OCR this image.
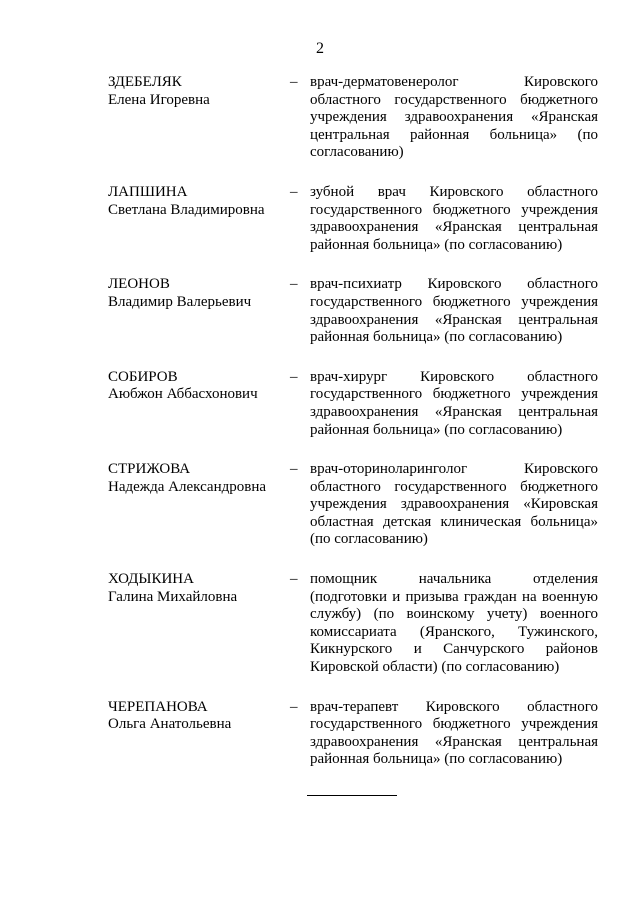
2
ЗДЕБЕЛЯК
Елена Игоревна
– врач-дерматовенеролог Кировского областного государственного бюджетного учреждения здравоохранения «Яранская центральная районная больница» (по согласованию)
ЛАПШИНА
Светлана Владимировна
– зубной врач Кировского областного государственного бюджетного учреждения здравоохранения «Яранская центральная районная больница» (по согласованию)
ЛЕОНОВ
Владимир Валерьевич
– врач-психиатр Кировского областного государственного бюджетного учреждения здравоохранения «Яранская центральная районная больница» (по согласованию)
СОБИРОВ
Аюбжон Аббасхонович
– врач-хирург Кировского областного государственного бюджетного учреждения здравоохранения «Яранская центральная районная больница» (по согласованию)
СТРИЖОВА
Надежда Александровна
– врач-оториноларинголог Кировского областного государственного бюджетного учреждения здравоохранения «Кировская областная детская клиническая больница» (по согласованию)
ХОДЫКИНА
Галина Михайловна
– помощник начальника отделения (подготовки и призыва граждан на военную службу) (по воинскому учету) военного комиссариата (Яранского, Тужинского, Кикнурского и Санчурского районов Кировской области) (по согласованию)
ЧЕРЕПАНОВА
Ольга Анатольевна
– врач-терапевт Кировского областного государственного бюджетного учреждения здравоохранения «Яранская центральная районная больница» (по согласованию)
